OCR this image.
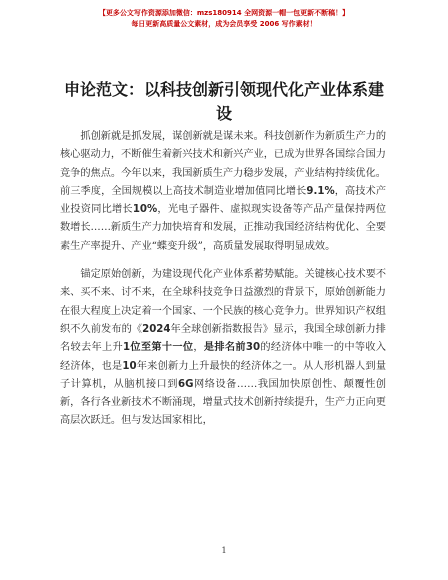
【更多公文写作资源添加微信：mzs180914 全网资源一帽一包更新不断稿！】
每日更新高质量公文素材，成为会员享受 2006 写作素材！
申论范文：以科技创新引领现代化产业体系建设

抓创新就是抓发展，谋创新就是谋未来。科技创新作为新质生产力的核心驱动力，不断催生着新兴技术和新兴产业，已成为世界各国综合国力竞争的焦点。今年以来，我国新质生产力稳步发展，产业结构持续优化。前三季度，全国规模以上高技术制造业增加值同比增长9.1%，高技术产业投资同比增长10%，光电子器件、虚拟现实设备等产品产量保持两位数增长……新质生产力加快培育和发展，正推动我国经济结构优化、全要素生产率提升、产业“蝶变升级”，高质量发展取得明显成效。

锚定原始创新，为建设现代化产业体系蓄势赋能。关键核心技术要不来、买不来、讨不来，在全球科技竞争日益激烈的背景下，原始创新能力在很大程度上决定着一个国家、一个民族的核心竞争力。世界知识产权组织不久前发布的《2024年全球创新指数报告》显示，我国全球创新力排名较去年上升1位至第十一位，是排名前30的经济体中唯一的中等收入经济体，也是10年来创新力上升最快的经济体之一。从人形机器人到量子计算机，从脑机接口到6G网络设备……我国加快原创性、颠覆性创新，各行各业新技术不断涌现，增量式技术创新持续提升，生产力正向更高层次跃迁。但与发达国家相比，

1
